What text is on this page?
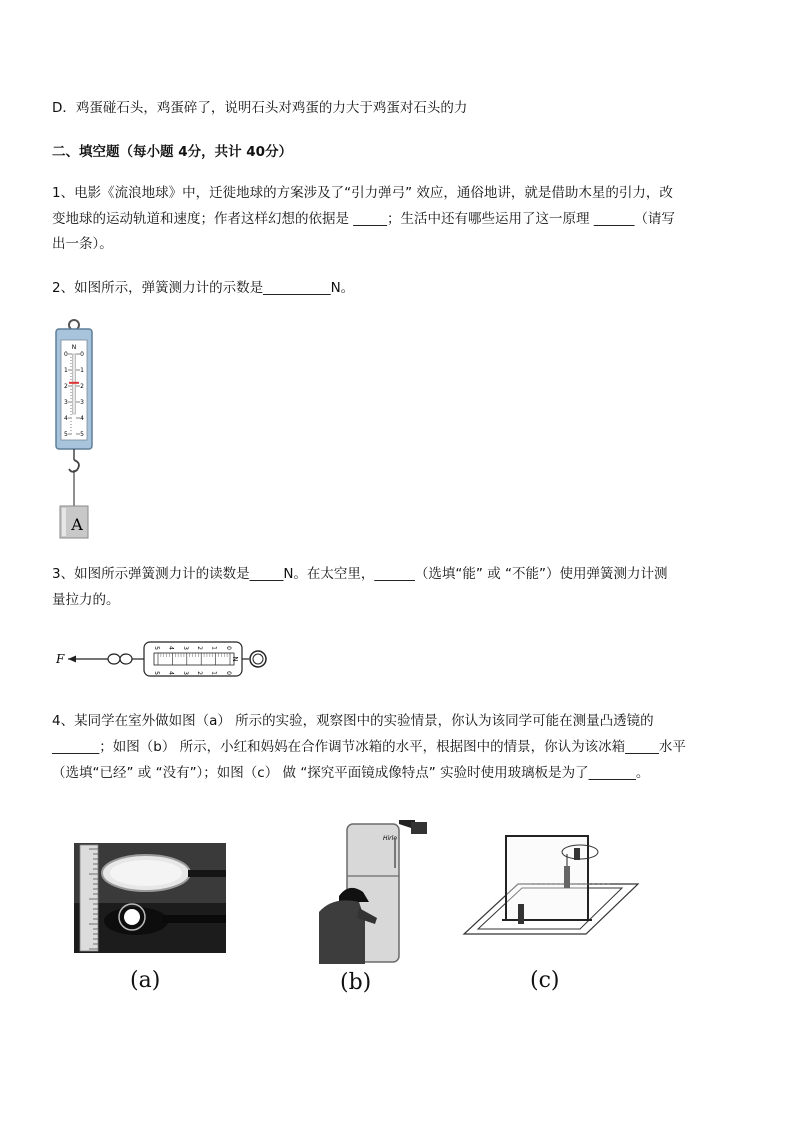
D．鸡蛋碰石头，鸡蛋碎了，说明石头对鸡蛋的力大于鸡蛋对石头的力
二、填空题（每小题 4分，共计 40分）
1、电影《流浪地球》中，迁徙地球的方案涉及了“引力弹弓” 效应，通俗地讲，就是借助木星的引力，改
变地球的运动轨道和速度；作者这样幻想的依据是 _____；生活中还有哪些运用了这一原理 ______（请写
出一条）。
2、如图所示，弹簧测力计的示数是__________N。
N
0 0
1 1
2 2
3 3
4 4
5 5
A
3、如图所示弹簧测力计的读数是_____N。在太空里，______（选填“能” 或 “不能”）使用弹簧测力计测
量拉力的。
F
5
5
4
4
3
3
2
2
1
1
0
0
N
4、某同学在室外做如图（a） 所示的实验，观察图中的实验情景，你认为该同学可能在测量凸透镜的
_______；如图（b） 所示，小红和妈妈在合作调节冰箱的水平，根据图中的情景，你认为该冰箱_____水平
（选填“已经” 或 “没有”）；如图（c） 做 “探究平面镜成像特点” 实验时使用玻璃板是为了_______。
(a)
Hirle
(b)	(c)
